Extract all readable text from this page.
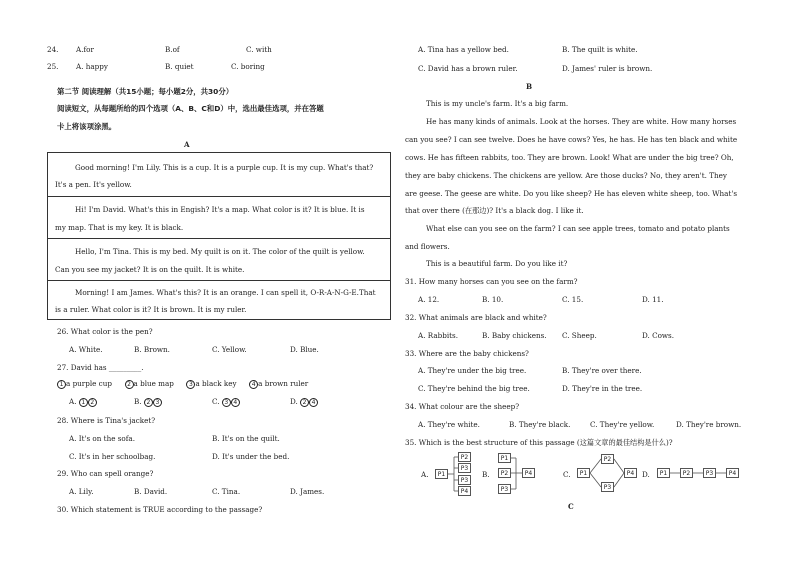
24. A.for	B.of	C. with
25. A. happy	B. quiet	C. boring
第二节 阅读理解（共15小题；每小题2分，共30分）
阅读短文，从每题所给的四个选项（A、B、C和D）中，选出最佳选项，并在答题
卡上将该项涂黑。
A
Good morning! I'm Lily. This is a cup. It is a purple cup. It is my cup. What's that?
It's a pen. It's yellow.
Hi! I'm David. What's this in Engish? It's a map. What color is it? It is blue. It is
my map. That is my key. It is black.
Hello, I'm Tina. This is my bed. My quilt is on it. The color of the quilt is yellow.
Can you see my jacket? It is on the quilt. It is white.
Morning! I am James. What's this? It is an orange. I can spell it, O-R-A-N-G-E.That
is a ruler. What color is it? It is brown. It is my ruler.
26. What color is the pen?
A. White.	B. Brown.	C. Yellow.	D. Blue.
27. David has _________.
1 a purple cup	2 a blue map	3 a black key	4 a brown ruler
A. 1 2	B. 2 3	C. 3 4	D. 2 4
28. Where is Tina's jacket?
A. It's on the sofa.	B. It's on the quilt.
C. It's in her schoolbag.	D. It's under the bed.
29. Who can spell orange?
A. Lily.	B. David.	C. Tina.	D. James.
30. Which statement is TRUE according to the passage?
A. Tina has a yellow bed.	B. The quilt is white.
C. David has a brown ruler.	D. James' ruler is brown.
B
This is my uncle's farm. It's a big farm.
He has many kinds of animals. Look at the horses. They are white. How many horses
can you see? I can see twelve. Does he have cows? Yes, he has. He has ten black and white
cows. He has fifteen rabbits, too. They are brown. Look! What are under the big tree? Oh,
they are baby chickens. The chickens are yellow. Are those ducks? No, they aren't. They
are geese. The geese are white. Do you like sheep? He has eleven white sheep, too. What's
that over there (在那边)? It's a black dog. I like it.
What else can you see on the farm? I can see apple trees, tomato and potato plants
and flowers.
This is a beautiful farm. Do you like it?
31. How many horses can you see on the farm?
A. 12.	B. 10.	C. 15.	D. 11.
32. What animals are black and white?
A. Rabbits.	B. Baby chickens. C. Sheep.	D. Cows.
33. Where are the baby chickens?
A. They're under the big tree.	B. They're over there.
C. They're behind the big tree.	D. They're in the tree.
34. What colour are the sheep?
A. They're white.	B. They're black.	C. They're yellow.	D. They're brown.
35. Which is the best structure of this passage (这篇文章的最佳结构是什么)?
A.	P1
P2
P3
P3
P4
B.
P1
P2
P3
P4	C.	P1
P2
P3
P4	D.	P1	P2	P3	P4
C
